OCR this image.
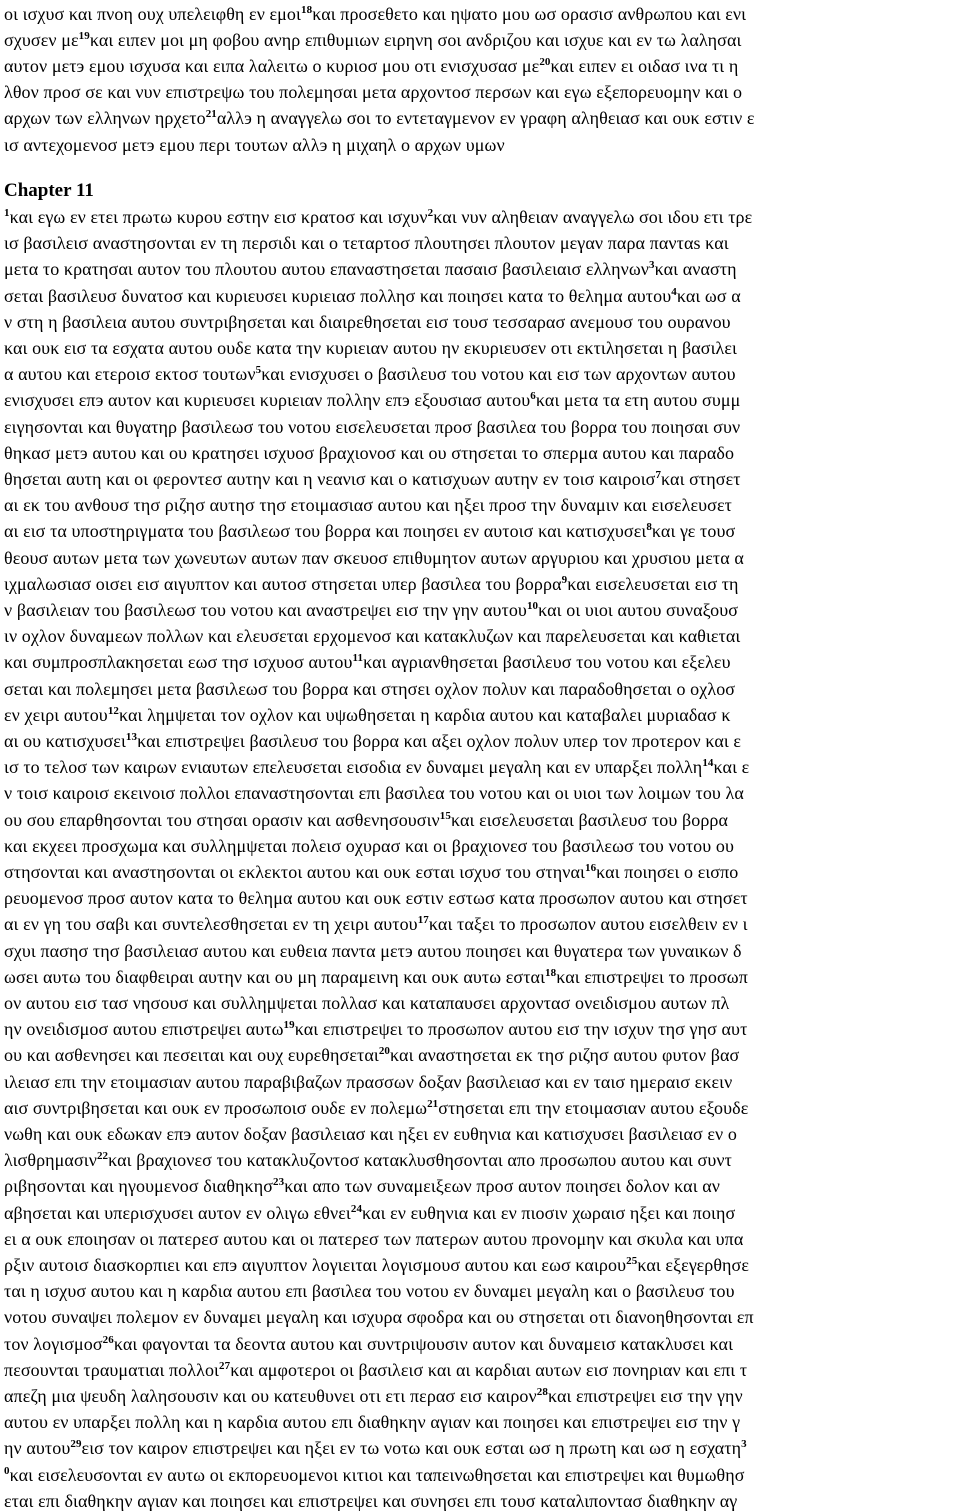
οι ισχυσ και πνοη ουχ υπελειφθη εν εμοι$^{18}$και προσεθετο και ηψατο μου ωσ ορασισ ανθρωπου και ενι
σχυσεν $\mu\varepsilon^{19}\kappa\alpha\iota$ ειπεν μοι μη φοβου ανηρ επιθυμιων ειρηνη σοι ανδριζου και ισχυε και εν τω λαλησαι
αυτον μετэ εμου ισχυσα και ειπα λαλειτω ο κυριοσ μου οτι ενισχυσασ $\mu\varepsilon^{20}\kappa\alpha\iota$ ειπεν ει οιδασ ινα τι η
λθον προσ σε και νυν επιστρεψω του πολεμησαι μετα αρχοντοσ περσων και εγω εξεπορευομην και ο
αρχων των ελληνων ηρχετο$^{21}$αλλэ η αναγγελω σοι το εντεταγμενον εν γραφη αληθειασ και ουκ εστιν ε
ισ αντεχομενοσ μετэ εμου περι τουτων αλλэ η μιχαηλ ο αρχων υμων
Chapter 11
$^1$και εγω εν ετει πρωτω κυρου εστην εισ κρατοσ και ισχυν$^2$και νυν αληθειαν αναγγελω σοι ιδου ετι τρε
ισ βασιλεισ αναστησονται εν τη περσιδι και ο τεταρτοσ πλουτησει πλουτον μεγαν παρα πανταѕ και
μετα το κρατησαι αυτον του πλουτου αυτου επαναστησεται πασαισ βασιλειαισ ελληνων$^3$και αναστη
σεται βασιλευσ δυνατοσ και κυριευσει κυριειασ πολλησ και ποιησει κατα το θελημα αυτου$^4$και ωσ α
ν στη η βασιλεια αυτου συντριβησεται και διαιρεθησεται εισ τουσ τεσσαρασ ανεμουσ του ουρανου
και ουκ εισ τα εσχατα αυτου ουδε κατα την κυριειαν αυτου ην εκυριευσεν οτι εκτιλησεται η βασιλει
α αυτου και ετεροισ εκτοσ τουτων$^5$και ενισχυσει ο βασιλευσ του νοτου και εισ των αρχοντων αυτου
ενισχυσει επэ αυτον και κυριευσει κυριειαν πολλην επэ εξουσιασ αυτου$^6$και μετα τα ετη αυτου συμμ
ειγησονται και θυγατηρ βασιλεωσ του νοτου εισελευσεται προσ βασιλεα του βορρα του ποιησαι συν
θηκασ μετэ αυτου και ου κρατησει ισχυοσ βραχιονοσ και ου στησεται το σπερμα αυτου και παραδο
θησεται αυτη και οι φεροντεσ αυτην και η νεανισ και ο κατισχυων αυτην εν τοισ καιροισ$^7$και στησετ
αι εκ του ανθουσ τησ ριζησ αυτησ τησ ετοιμασιασ αυτου και ηξει προσ την δυναμιν και εισελευσετ
αι εισ τα υποστηριγματα του βασιλεωσ του βορρα και ποιησει εν αυτοισ και κατισχυσει$^8$και γε τουσ
θεουσ αυτων μετα των χωνευτων αυτων παν σκευοσ επιθυμητον αυτων αργυριου και χρυσιου μετα α
ιχμαλωσιασ οισει εισ αιγυπτον και αυτοσ στησεται υπερ βασιλεα του βορρα$^9$και εισελευσεται εισ τη
ν βασιλειαν του βασιλεωσ του νοτου και αναστρεψει εισ την γην αυτου$^{10}$και οι υιοι αυτου συναξουσ
ιν οχλον δυναμεων πολλων και ελευσεται ερχομενοσ και κατακλυζων και παρελευσεται και καθιεται
και συμπροσπλακησεται εωσ τησ ισχυοσ αυτου$^{11}$και αγριανθησεται βασιλευσ του νοτου και εξελευ
σεται και πολεμησει μετα βασιλεωσ του βορρα και στησει οχλον πολυν και παραδοθησεται ο οχλοσ
εν χειρι αυτου$^{12}$και λημψεται τον οχλον και υψωθησεται η καρδια αυτου και καταβαλει μυριαδασ κ
αι ου κατισχυσει$^{13}$και επιστρεψει βασιλευσ του βορρα και αξει οχλον πολυν υπερ τον προτερον και ε
ισ το τελοσ των καιρων ενιαυτων επελευσεται εισοδια εν δυναμει μεγαλη και εν υπαρξει πολλη$^{14}$και ε
ν τοισ καιροισ εκεινοισ πολλοι επαναστησονται επι βασιλεα του νοτου και οι υιοι των λοιμων του λα
ου σου επαρθησονται του στησαι ορασιν και ασθενησουσιν$^{15}$και εισελευσεται βασιλευσ του βορρα
και εκχεει προσχωμα και συλλημψεται πολεισ οχυρασ και οι βραχιονεσ του βασιλεωσ του νοτου ου
στησονται και αναστησονται οι εκλεκτοι αυτου και ουκ εσται ισχυσ του στηναι$^{16}$και ποιησει ο εισπο
ρευομενοσ προσ αυτον κατα το θελημα αυτου και ουκ εστιν εστωσ κατα προσωπον αυτου και στησετ
αι εν γη του σαβι και συντελεσθησεται εν τη χειρι αυτου$^{17}$και ταξει το προσωπον αυτου εισελθειν εν ι
σχυι πασησ τησ βασιλειασ αυτου και ευθεια παντα μετэ αυτου ποιησει και θυγατερα των γυναικων δ
ωσει αυτω του διαφθειραι αυτην και ου μη παραμεινη και ουκ αυτω εσται$^{18}$και επιστρεψει το προσωπ
ον αυτου εισ τασ νησουσ και συλλημψεται πολλασ και καταπαυσει αρχοντασ ονειδισμου αυτων πλ
ην ονειδισμοσ αυτου επιστρεψει αυτω$^{19}$και επιστρεψει το προσωπον αυτου εισ την ισχυν τησ γησ αυτ
ου και ασθενησει και πεσειται και ουχ ευρεθησεται$^{20}$και αναστησεται εκ τησ ριζησ αυτου φυτον βασ
ιλειασ επι την ετοιμασιαν αυτου παραβιβαζων πρασσων δοξαν βασιλειασ και εν ταισ ημεραισ εκειν
αισ συντριβησεται και ουκ εν προσωποισ ουδε εν πολεμω$^{21}$στησεται επι την ετοιμασιαν αυτου εξουδε
νωθη και ουκ εδωκαν επэ αυτον δοξαν βασιλειασ και ηξει εν ευθηνια και κατισχυσει βασιλειασ εν ο
λισθρημασιν$^{22}$και βραχιονεσ του κατακλυζοντοσ κατακλυσθησονται απο προσωπου αυτου και συντ
ριβησονται και ηγουμενοσ διαθηκησ$^{23}$και απο των συναμειξεων προσ αυτον ποιησει δολον και αν
αβησεται και υπερισχυσει αυτον εν ολιγω εθνει$^{24}$και εν ευθηνια και εν πιοσιν χωραισ ηξει και ποιησ
ει α ουκ εποιησαν οι πατερεσ αυτου και οι πατερεσ των πατερων αυτου προνομην και σκυλα και υπα
ρξιν αυτοισ διασκορπιει και επэ αιγυπτον λογιειται λογισμουσ αυτου και εωσ καιρου$^{25}$και εξεγερθησε
ται η ισχυσ αυτου και η καρδια αυτου επι βασιλεα του νοτου εν δυναμει μεγαλη και ο βασιλευσ του
νοτου συναψει πολεμον εν δυναμει μεγαλη και ισχυρα σφοδρα και ου στησεται οτι διανοηθησονται επ
τον λογισμοσ$^{26}$και φαγονται τα δεοντα αυτου και συντριψουσιν αυτον και δυναμεισ κατακλυσει και
πεσουνται τραυματιαι πολλοι$^{27}$και αμφοτεροι οι βασιλεισ και αι καρδιαι αυτων εισ πονηριαν και επι τ
απεζη μια ψευδη λαλησουσιν και ου κατευθυνει οτι ετι περασ εισ καιρον$^{28}$και επιστρεψει εισ την γην
αυτου εν υπαρξει πολλη και η καρδια αυτου επι διαθηκην αγιαν και ποιησει και επιστρεψει εισ την γ
ην αυτου$^{29}$εισ τον καιρον επιστρεψει και ηξει εν τω νοτω και ουκ εσται ωσ η πρωτη και ωσ η εσχατη$^3$
$^0$και εισελευσονται εν αυτω οι εκπορευομενοι κιτιοι και ταπεινωθησεται και επιστρεψει και θυμωθησ
εται επι διαθηκην αγιαν και ποιησει και επιστρεψει και συνησει επι τουσ καταλιποντασ διαθηκην αγ
